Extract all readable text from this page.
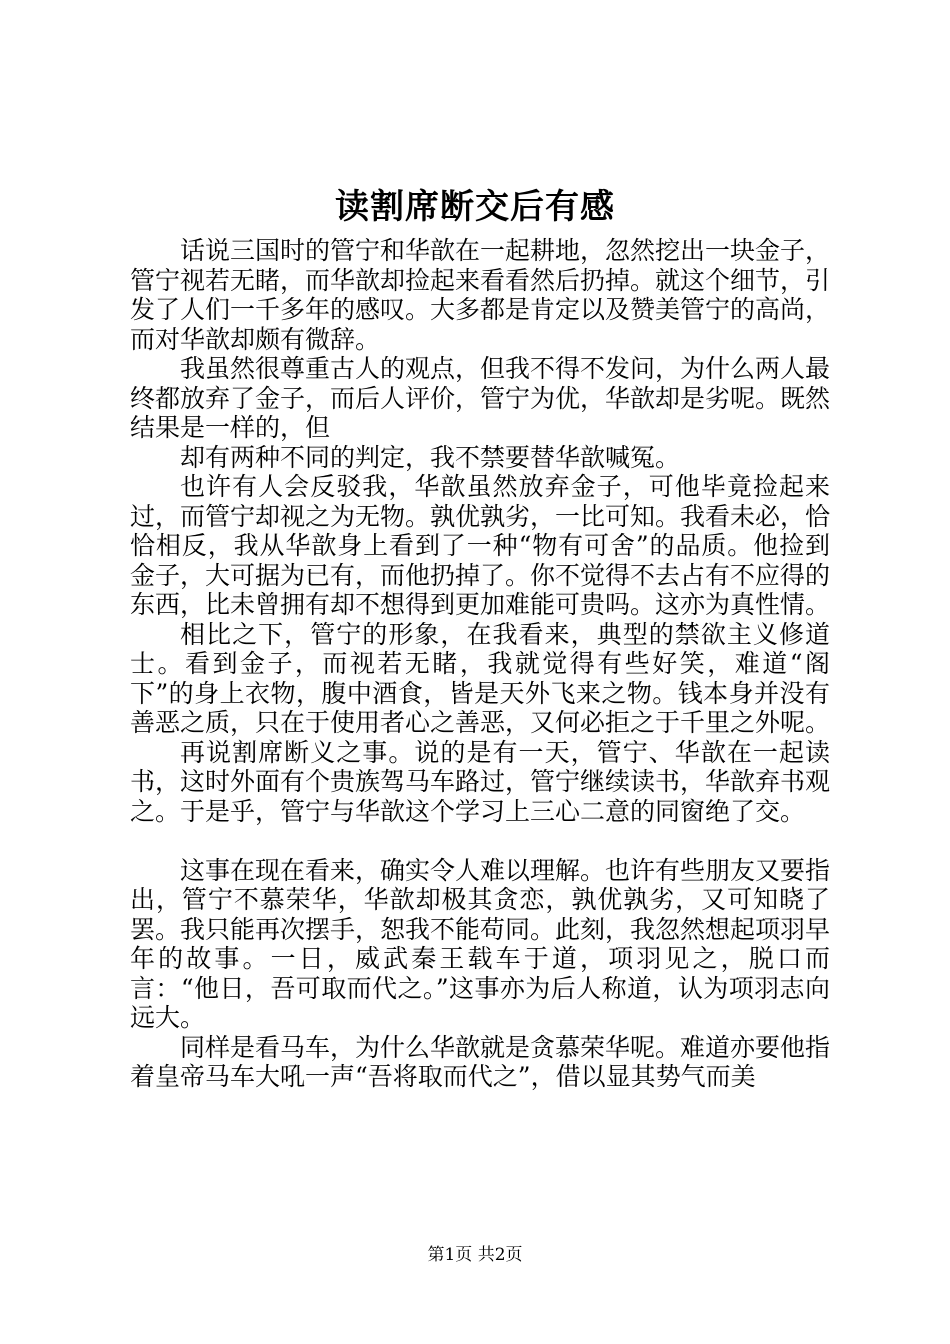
读割席断交后有感

话说三国时的管宁和华歆在一起耕地，忽然挖出一块金子，管宁视若无睹，而华歆却捡起来看看然后扔掉。就这个细节，引发了人们一千多年的感叹。大多都是肯定以及赞美管宁的高尚，而对华歆却颇有微辞。

我虽然很尊重古人的观点，但我不得不发问，为什么两人最终都放弃了金子，而后人评价，管宁为优，华歆却是劣呢。既然结果是一样的，但

却有两种不同的判定，我不禁要替华歆喊冤。

也许有人会反驳我，华歆虽然放弃金子，可他毕竟捡起来过，而管宁却视之为无物。孰优孰劣，一比可知。我看未必，恰恰相反，我从华歆身上看到了一种“物有可舍”的品质。他捡到金子，大可据为已有，而他扔掉了。你不觉得不去占有不应得的东西，比未曾拥有却不想得到更加难能可贵吗。这亦为真性情。

相比之下，管宁的形象，在我看来，典型的禁欲主义修道士。看到金子，而视若无睹，我就觉得有些好笑，难道“阁下”的身上衣物，腹中酒食，皆是天外飞来之物。钱本身并没有善恶之质，只在于使用者心之善恶，又何必拒之于千里之外呢。

再说割席断义之事。说的是有一天，管宁、华歆在一起读书，这时外面有个贵族驾马车路过，管宁继续读书，华歆弃书观之。于是乎，管宁与华歆这个学习上三心二意的同窗绝了交。

这事在现在看来，确实令人难以理解。也许有些朋友又要指出，管宁不慕荣华，华歆却极其贪恋，孰优孰劣，又可知晓了罢。我只能再次摆手，恕我不能苟同。此刻，我忽然想起项羽早年的故事。一日，威武秦王载车于道，项羽见之，脱口而言：“他日，吾可取而代之。”这事亦为后人称道，认为项羽志向远大。

同样是看马车，为什么华歆就是贪慕荣华呢。难道亦要他指着皇帝马车大吼一声“吾将取而代之”，借以显其势气而美

第1页 共2页
